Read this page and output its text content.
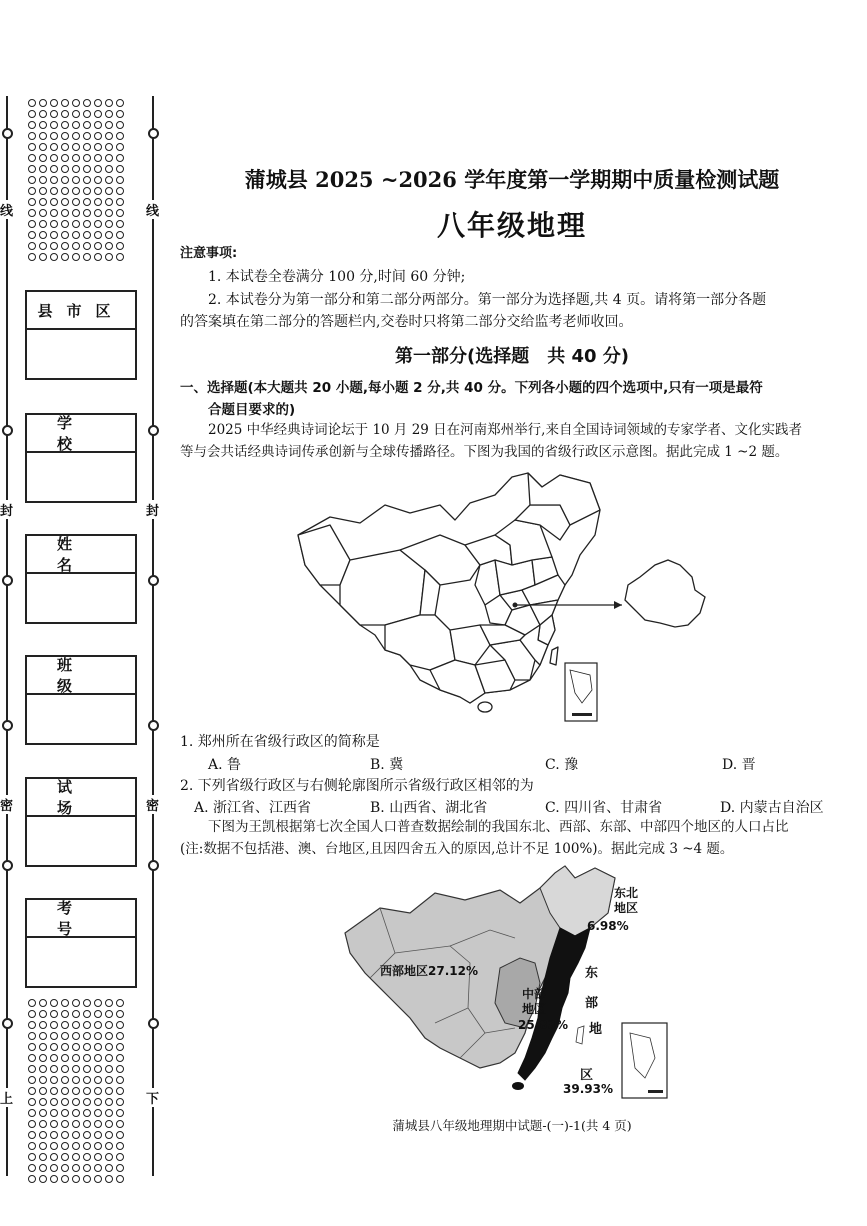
线
封
密
上
线
封
密
下
县市区
学校
姓名
班级
试场
考号
蒲城县 2025 ~2026 学年度第一学期期中质量检测试题
八年级地理
注意事项:
1. 本试卷全卷满分 100 分,时间 60 分钟;
2. 本试卷分为第一部分和第二部分两部分。第一部分为选择题,共 4 页。请将第一部分各题
的答案填在第二部分的答题栏内,交卷时只将第二部分交给监考老师收回。
第一部分(选择题　共 40 分)
一、选择题(本大题共 20 小题,每小题 2 分,共 40 分。下列各小题的四个选项中,只有一项是最符
合题目要求的)
2025 中华经典诗词论坛于 10 月 29 日在河南郑州举行,来自全国诗词领域的专家学者、文化实践者
等与会共话经典诗词传承创新与全球传播路径。下图为我国的省级行政区示意图。据此完成 1 ~2 题。
1. 郑州所在省级行政区的简称是
A. 鲁	B. 冀	C. 豫	D. 晋
2. 下列省级行政区与右侧轮廓图所示省级行政区相邻的为
A. 浙江省、江西省	B. 山西省、湖北省	C. 四川省、甘肃省	D. 内蒙古自治区
下图为王凯根据第七次全国人口普查数据绘制的我国东北、西部、东部、中部四个地区的人口占比
(注:数据不包括港、澳、台地区,且因四舍五入的原因,总计不足 100%)。据此完成 3 ~4 题。
东北
地区
6.98%
西部地区27.12%
中部
地区
25.83%
东
部
地
区
39.93%
蒲城县八年级地理期中试题-(一)-1(共 4 页)
